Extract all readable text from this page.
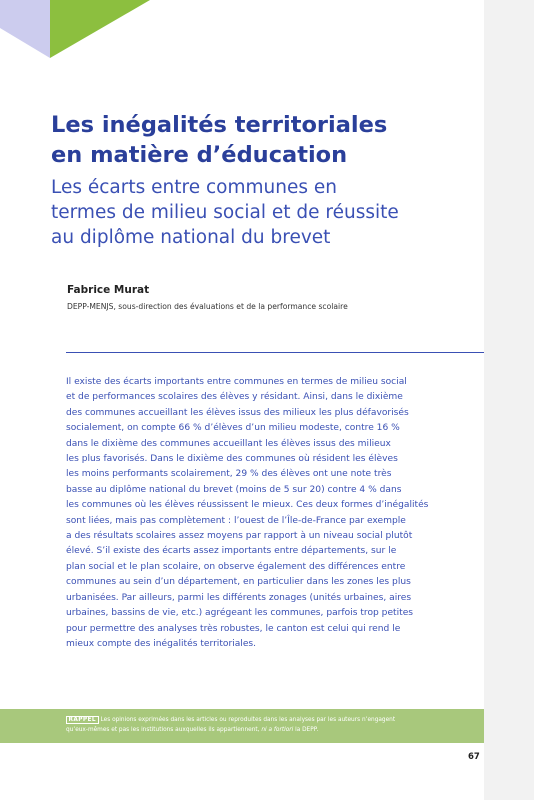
Les inégalités territoriales
en matière d’éducation
Les écarts entre communes en
termes de milieu social et de réussite
au diplôme national du brevet
Fabrice Murat
DEPP-MENJS, sous-direction des évaluations et de la performance scolaire

Il existe des écarts importants entre communes en termes de milieu social
et de performances scolaires des élèves y résidant. Ainsi, dans le dixième
des communes accueillant les élèves issus des milieux les plus défavorisés
socialement, on compte 66 % d’élèves d’un milieu modeste, contre 16 %
dans le dixième des communes accueillant les élèves issus des milieux
les plus favorisés. Dans le dixième des communes où résident les élèves
les moins performants scolairement, 29 % des élèves ont une note très
basse au diplôme national du brevet (moins de 5 sur 20) contre 4 % dans
les communes où les élèves réussissent le mieux. Ces deux formes d’inégalités
sont liées, mais pas complètement : l’ouest de l’Île-de-France par exemple
a des résultats scolaires assez moyens par rapport à un niveau social plutôt
élevé. S’il existe des écarts assez importants entre départements, sur le
plan social et le plan scolaire, on observe également des différences entre
communes au sein d’un département, en particulier dans les zones les plus
urbanisées. Par ailleurs, parmi les différents zonages (unités urbaines, aires
urbaines, bassins de vie, etc.) agrégeant les communes, parfois trop petites
pour permettre des analyses très robustes, le canton est celui qui rend le
mieux compte des inégalités territoriales.

RAPPEL Les opinions exprimées dans les articles ou reproduites dans les analyses par les auteurs n’engagent
qu’eux-mêmes et pas les institutions auxquelles ils appartiennent, ni a fortiori la DEPP.
67
